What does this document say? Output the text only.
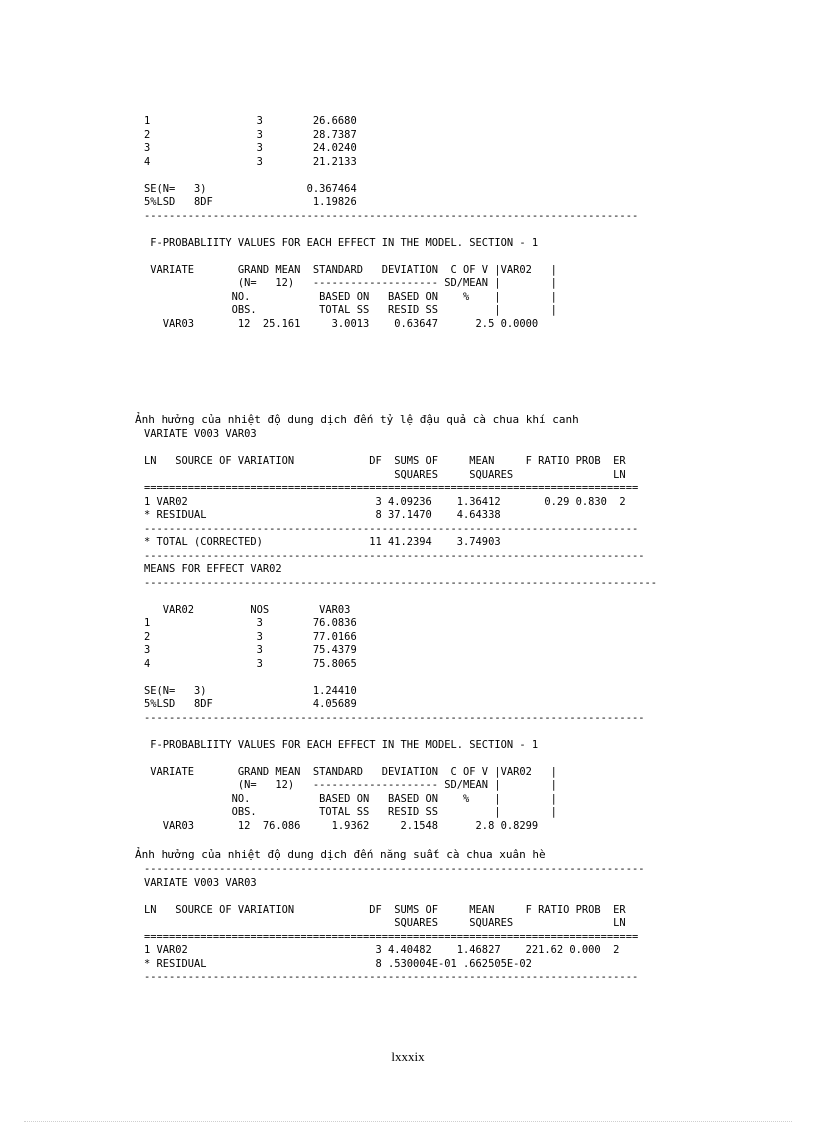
1                 3        26.6680
2                 3        28.7387
3                 3        24.0240
4                 3        21.2133

SE(N=   3)                0.367464
5%LSD   8DF                1.19826
-------------------------------------------------------------------------------

F-PROBABLIITY VALUES FOR EACH EFFECT IN THE MODEL. SECTION - 1

VARIATE       GRAND MEAN  STANDARD   DEVIATION  C OF V |VAR02   |
(N=   12)   -------------------- SD/MEAN |        |
NO.           BASED ON   BASED ON    %    |        |
OBS.          TOTAL SS   RESID SS         |        |
VAR03       12  25.161     3.0013    0.63647      2.5 0.0000
Ảnh hưởng của nhiệt độ dung dịch đến tỷ lệ đậu quả cà chua khí canh
VARIATE V003 VAR03

LN   SOURCE OF VARIATION            DF  SUMS OF     MEAN     F RATIO PROB  ER
SQUARES     SQUARES                LN
===============================================================================
1 VAR02                              3 4.09236    1.36412       0.29 0.830  2
* RESIDUAL                           8 37.1470    4.64338
-------------------------------------------------------------------------------
* TOTAL (CORRECTED)                 11 41.2394    3.74903
--------------------------------------------------------------------------------
MEANS FOR EFFECT VAR02
----------------------------------------------------------------------------------

VAR02         NOS        VAR03
1                 3        76.0836
2                 3        77.0166
3                 3        75.4379
4                 3        75.8065

SE(N=   3)                 1.24410
5%LSD   8DF                4.05689
--------------------------------------------------------------------------------

F-PROBABLIITY VALUES FOR EACH EFFECT IN THE MODEL. SECTION - 1

VARIATE       GRAND MEAN  STANDARD   DEVIATION  C OF V |VAR02   |
(N=   12)   -------------------- SD/MEAN |        |
NO.           BASED ON   BASED ON    %    |        |
OBS.          TOTAL SS   RESID SS         |        |
VAR03       12  76.086     1.9362     2.1548      2.8 0.8299
Ảnh hưởng của nhiệt độ dung dịch đến năng suất cà chua xuân hè
--------------------------------------------------------------------------------
VARIATE V003 VAR03

LN   SOURCE OF VARIATION            DF  SUMS OF     MEAN     F RATIO PROB  ER
SQUARES     SQUARES                LN
===============================================================================
1 VAR02                              3 4.40482    1.46827    221.62 0.000  2
* RESIDUAL                           8 .530004E-01 .662505E-02
-------------------------------------------------------------------------------
lxxxix
